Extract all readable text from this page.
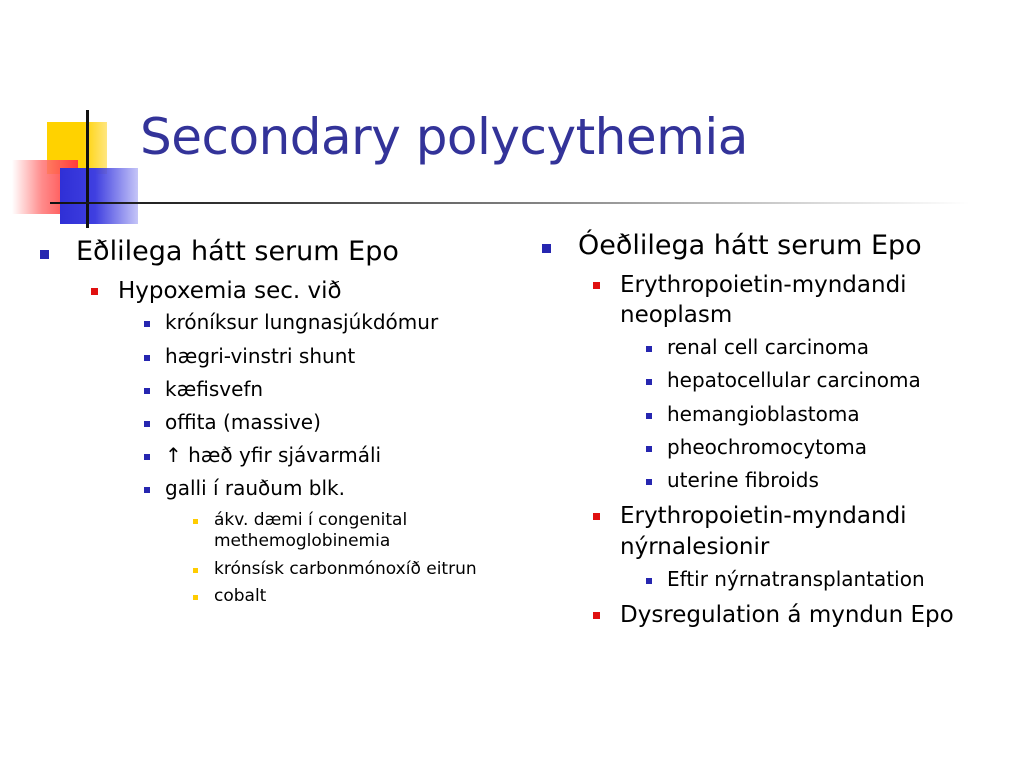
Secondary polycythemia
Eðlilega hátt serum Epo
Hypoxemia sec. við
króníksur lungnasjúkdómur
hægri-vinstri shunt
kæfisvefn
offita (massive)
↑ hæð yfir sjávarmáli
galli í rauðum blk.
ákv. dæmi í congenital methemoglobinemia
krónsísk carbonmónoxíð eitrun
cobalt
Óeðlilega hátt serum Epo
Erythropoietin-myndandi neoplasm
renal cell carcinoma
hepatocellular carcinoma
hemangioblastoma
pheochromocytoma
uterine fibroids
Erythropoietin-myndandi nýrnalesionir
Eftir nýrnatransplantation
Dysregulation á myndun Epo
